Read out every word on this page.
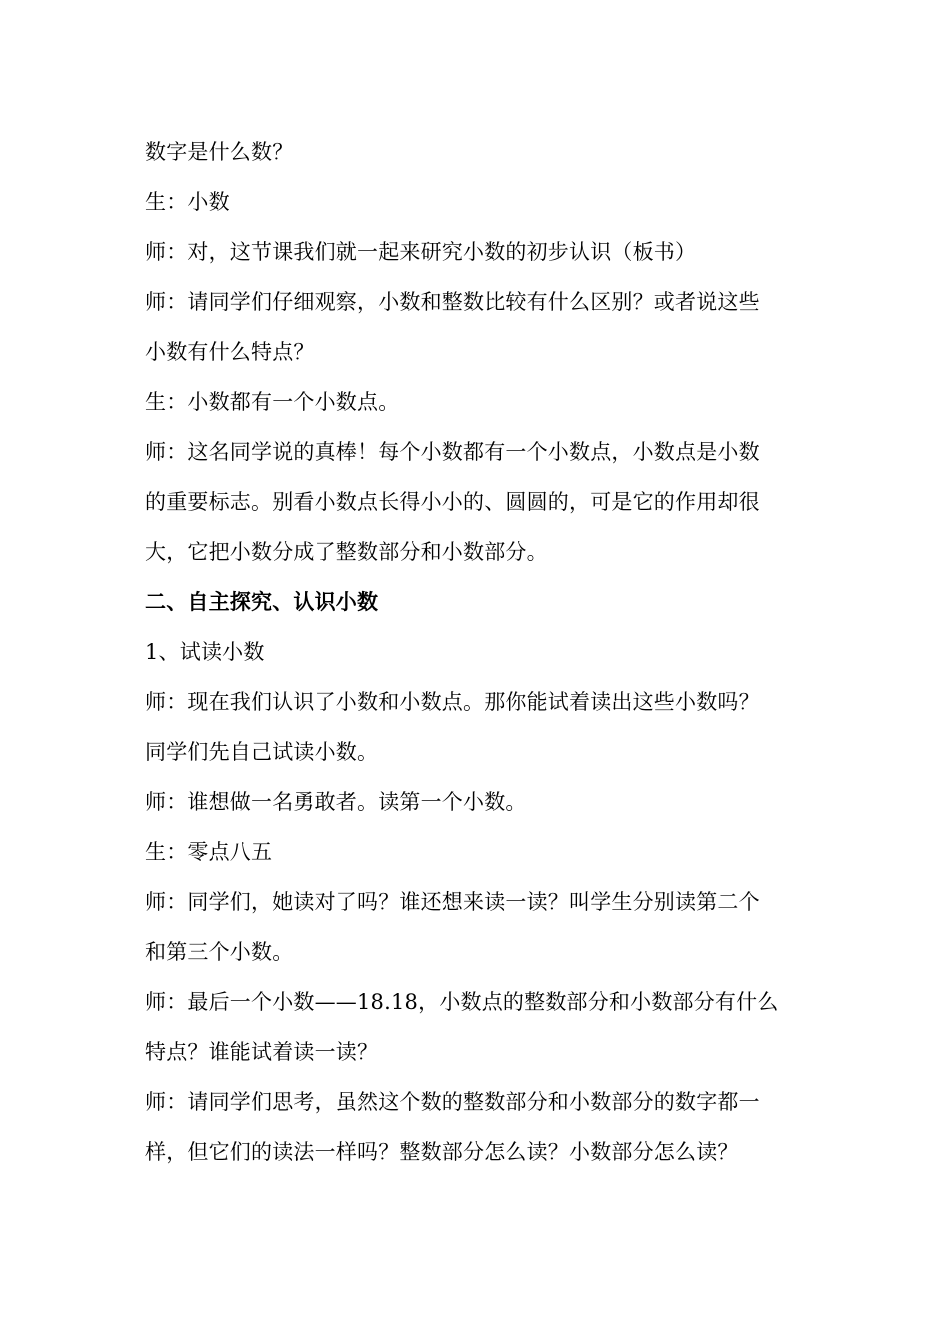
数字是什么数？
生：小数
师：对，这节课我们就一起来研究小数的初步认识（板书）
师：请同学们仔细观察，小数和整数比较有什么区别？或者说这些
小数有什么特点？
生：小数都有一个小数点。
师：这名同学说的真棒！每个小数都有一个小数点，小数点是小数
的重要标志。别看小数点长得小小的、圆圆的，可是它的作用却很
大，它把小数分成了整数部分和小数部分。
二、自主探究、认识小数
1、试读小数
师：现在我们认识了小数和小数点。那你能试着读出这些小数吗？
同学们先自己试读小数。
师：谁想做一名勇敢者。读第一个小数。
生：零点八五
师：同学们，她读对了吗？谁还想来读一读？叫学生分别读第二个
和第三个小数。
师：最后一个小数——18.18，小数点的整数部分和小数部分有什么
特点？谁能试着读一读？
师：请同学们思考，虽然这个数的整数部分和小数部分的数字都一
样，但它们的读法一样吗？整数部分怎么读？小数部分怎么读？
